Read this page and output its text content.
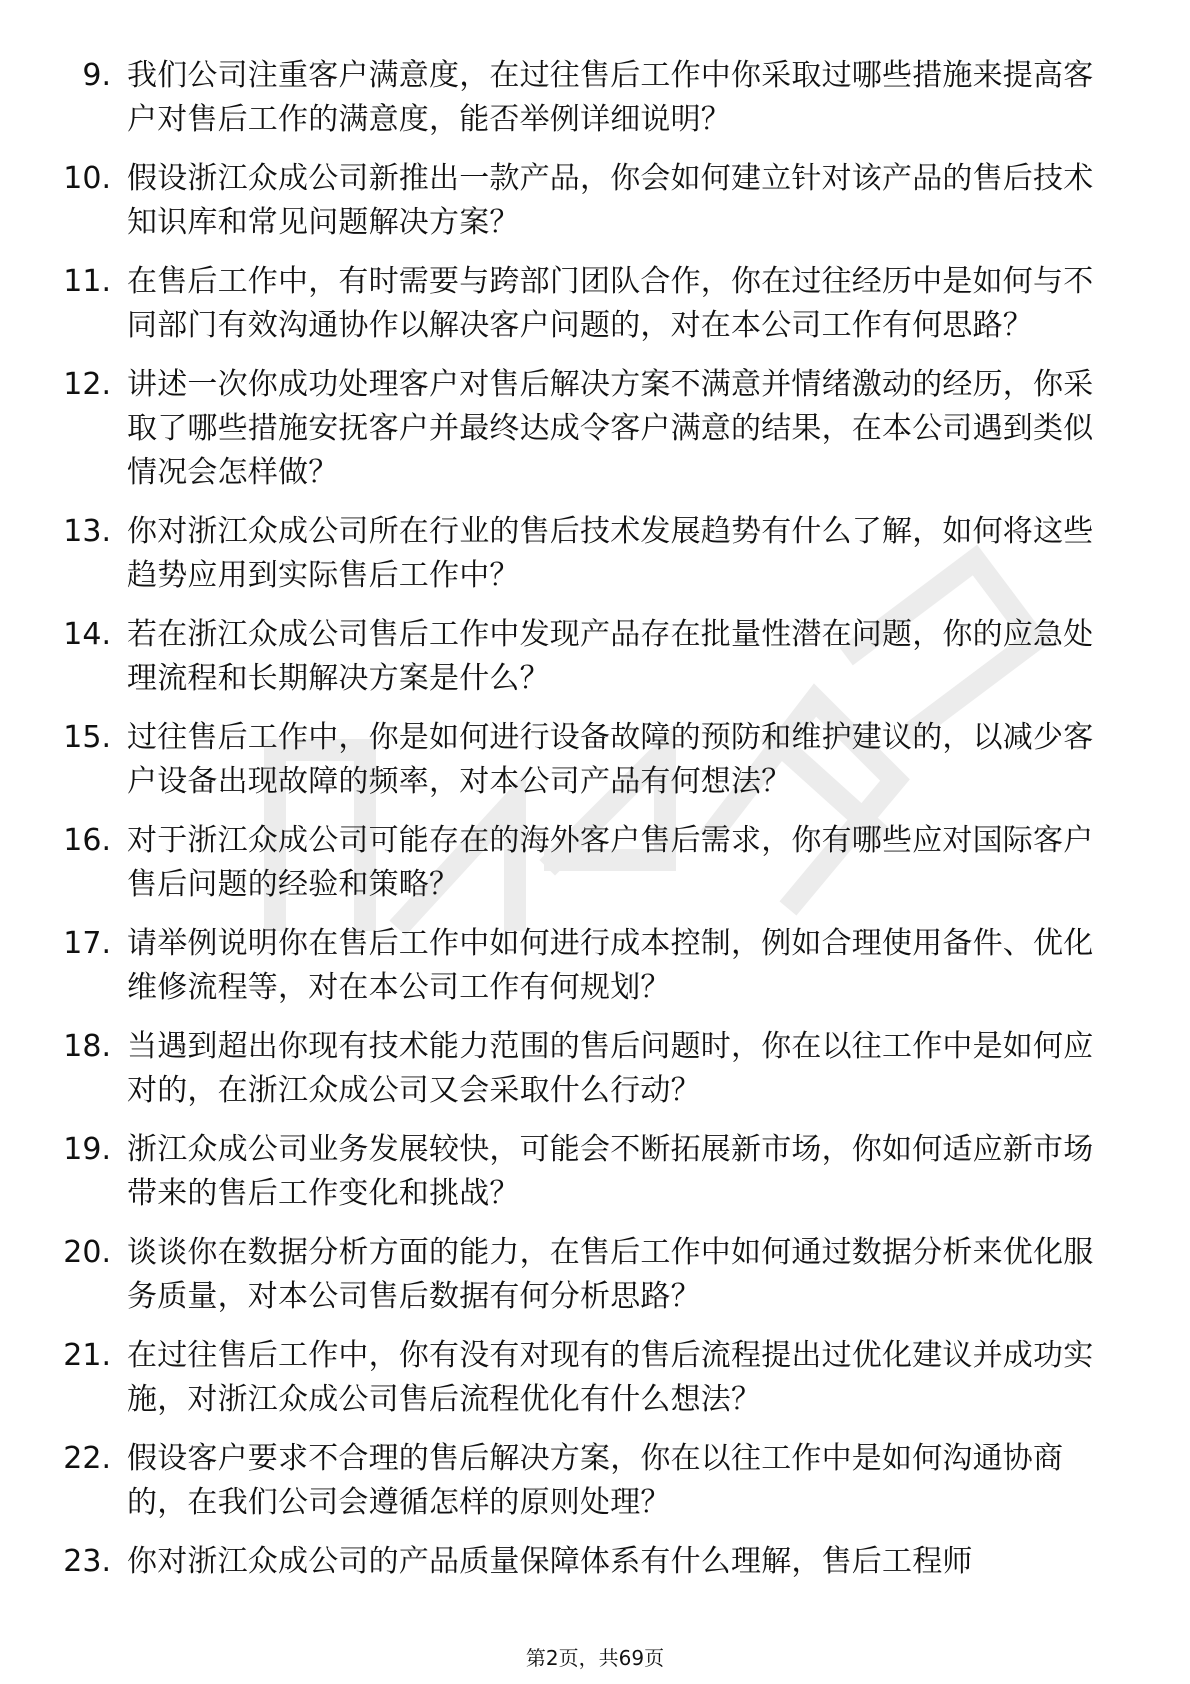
9. 我们公司注重客户满意度，在过往售后工作中你采取过哪些措施来提高客户对售后工作的满意度，能否举例详细说明？
10. 假设浙江众成公司新推出一款产品，你会如何建立针对该产品的售后技术知识库和常见问题解决方案？
11. 在售后工作中，有时需要与跨部门团队合作，你在过往经历中是如何与不同部门有效沟通协作以解决客户问题的，对在本公司工作有何思路？
12. 讲述一次你成功处理客户对售后解决方案不满意并情绪激动的经历，你采取了哪些措施安抚客户并最终达成令客户满意的结果，在本公司遇到类似情况会怎样做？
13. 你对浙江众成公司所在行业的售后技术发展趋势有什么了解，如何将这些趋势应用到实际售后工作中？
14. 若在浙江众成公司售后工作中发现产品存在批量性潜在问题，你的应急处理流程和长期解决方案是什么？
15. 过往售后工作中，你是如何进行设备故障的预防和维护建议的，以减少客户设备出现故障的频率，对本公司产品有何想法？
16. 对于浙江众成公司可能存在的海外客户售后需求，你有哪些应对国际客户售后问题的经验和策略？
17. 请举例说明你在售后工作中如何进行成本控制，例如合理使用备件、优化维修流程等，对在本公司工作有何规划？
18. 当遇到超出你现有技术能力范围的售后问题时，你在以往工作中是如何应对的，在浙江众成公司又会采取什么行动？
19. 浙江众成公司业务发展较快，可能会不断拓展新市场，你如何适应新市场带来的售后工作变化和挑战？
20. 谈谈你在数据分析方面的能力，在售后工作中如何通过数据分析来优化服务质量，对本公司售后数据有何分析思路？
21. 在过往售后工作中，你有没有对现有的售后流程提出过优化建议并成功实施，对浙江众成公司售后流程优化有什么想法？
22. 假设客户要求不合理的售后解决方案，你在以往工作中是如何沟通协商的，在我们公司会遵循怎样的原则处理？
23. 你对浙江众成公司的产品质量保障体系有什么理解，售后工程师
第2页，共69页
